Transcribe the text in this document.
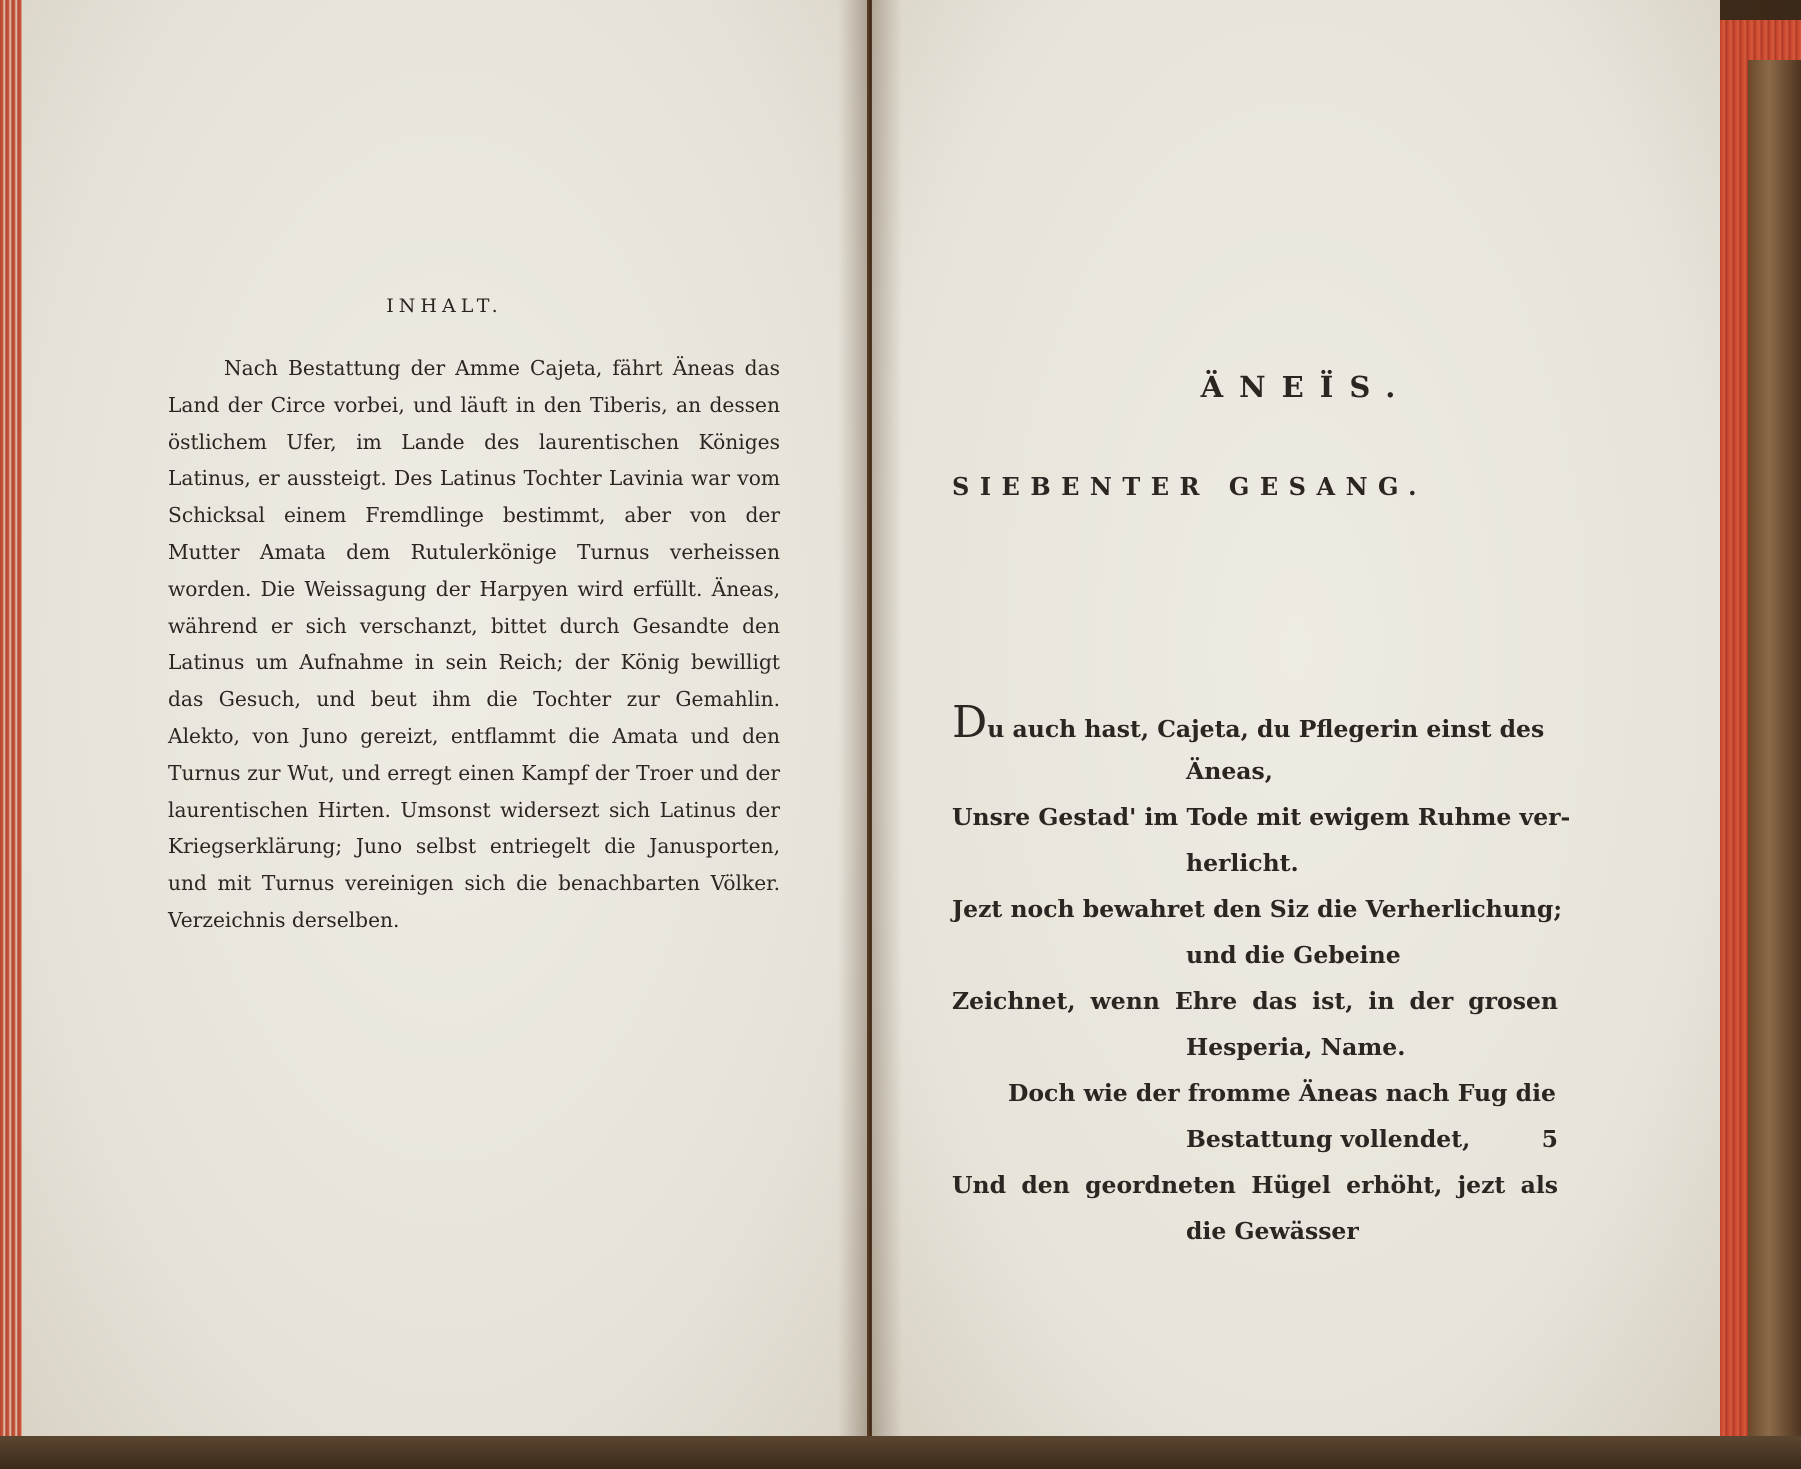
INHALT.
Nach Bestattung der Amme Cajeta, fährt Äneas das Land der Circe vorbei, und läuft in den Tiberis, an dessen östlichem Ufer, im Lande des laurentischen Königes Latinus, er aussteigt. Des Latinus Tochter Lavinia war vom Schicksal einem Fremdlinge bestimmt, aber von der Mutter Amata dem Rutulerkönige Turnus verheissen worden. Die Weissagung der Harpyen wird erfüllt. Äneas, während er sich verschanzt, bittet durch Gesandte den Latinus um Aufnahme in sein Reich; der König bewilligt das Gesuch, und beut ihm die Tochter zur Gemahlin. Alekto, von Juno gereizt, entflammt die Amata und den Turnus zur Wut, und erregt einen Kampf der Troer und der laurentischen Hirten. Umsonst widersezt sich Latinus der Kriegserklärung; Juno selbst entriegelt die Janusporten, und mit Turnus vereinigen sich die benachbarten Völker. Verzeichnis derselben.
ÄNEÏS.
SIEBENTER GESANG.
Du auch hast, Cajeta, du Pflegerin einst des
Äneas,
Unsre Gestad' im Tode mit ewigem Ruhme ver-
herlicht.
Jezt noch bewahret den Siz die Verherlichung;
und die Gebeine
Zeichnet, wenn Ehre das ist, in der grosen
Hesperia, Name.
Doch wie der fromme Äneas nach Fug die
Bestattung vollendet,	5
Und den geordneten Hügel erhöht, jezt als
die Gewässer
